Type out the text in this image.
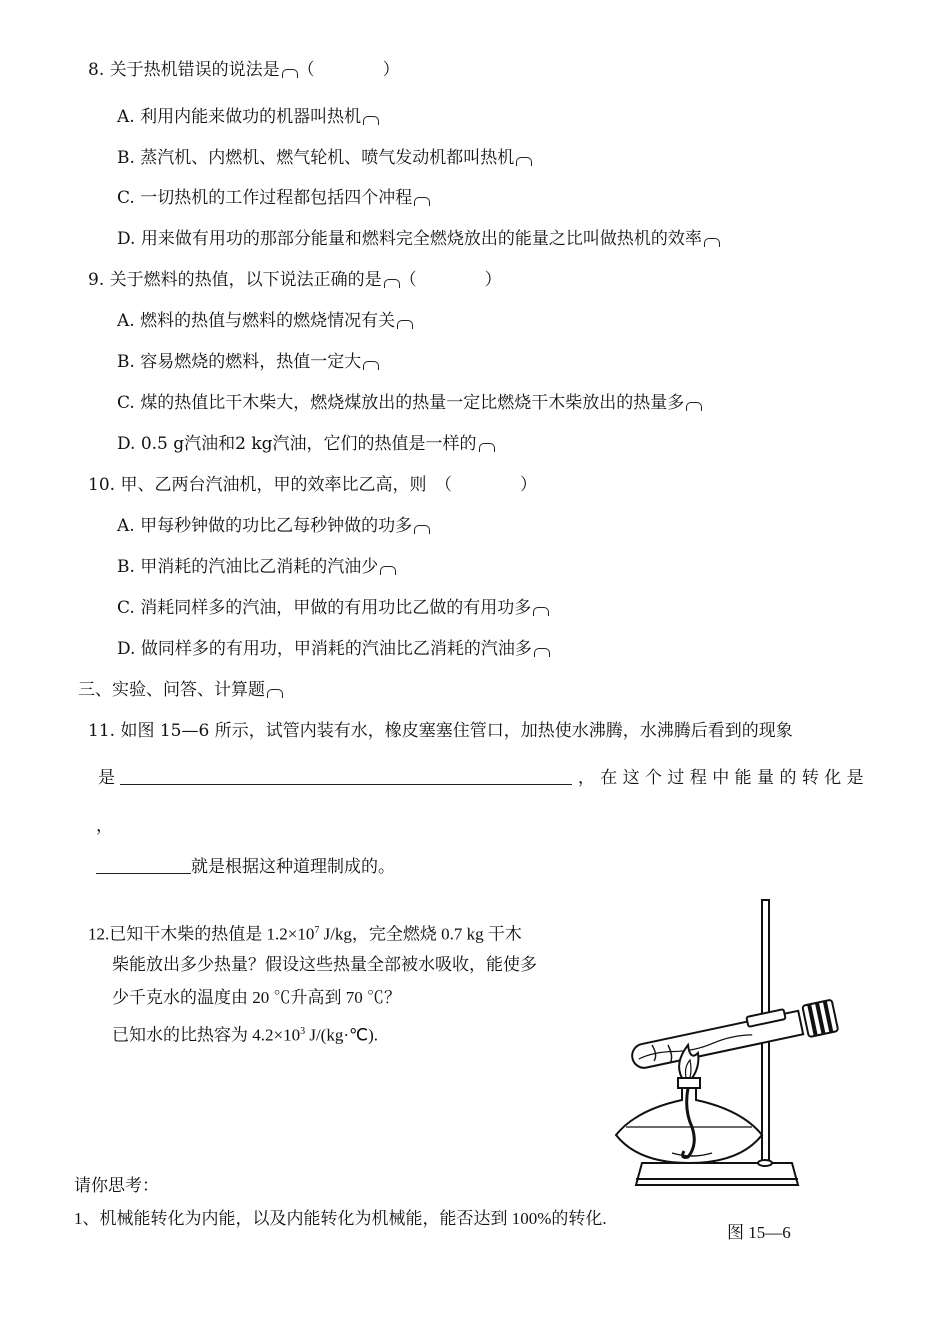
8. 关于热机错误的说法是 （　　　　）
A. 利用内能来做功的机器叫热机
B. 蒸汽机、内燃机、燃气轮机、喷气发动机都叫热机
C. 一切热机的工作过程都包括四个冲程
D. 用来做有用功的那部分能量和燃料完全燃烧放出的能量之比叫做热机的效率
9. 关于燃料的热值，以下说法正确的是 （　　　　）
A. 燃料的热值与燃料的燃烧情况有关
B. 容易燃烧的燃料，热值一定大
C. 煤的热值比干木柴大，燃烧煤放出的热量一定比燃烧干木柴放出的热量多
D. 0.5 g汽油和2 kg汽油，它们的热值是一样的
10. 甲、乙两台汽油机，甲的效率比乙高，则　（　　　　）
A. 甲每秒钟做的功比乙每秒钟做的功多
B. 甲消耗的汽油比乙消耗的汽油少
C. 消耗同样多的汽油，甲做的有用功比乙做的有用功多
D. 做同样多的有用功，甲消耗的汽油比乙消耗的汽油多
三、实验、问答、计算题
11. 如图 15—6 所示，试管内装有水，橡皮塞塞住管口，加热使水沸腾，水沸腾后看到的现象
是	， 在 这 个 过 程 中 能 量 的 转 化 是
，
就是根据这种道理制成的。
12.已知干木柴的热值是 $1.2\times 10^7$ J/kg，完全燃烧 0.7 kg 干木
柴能放出多少热量？假设这些热量全部被水吸收，能使多
少千克水的温度由 20 ℃升高到 70 ℃？
已知水的比热容为 $4.2\times 10^3$ J/(kg·℃).
请你思考：
1、机械能转化为内能，以及内能转化为机械能，能否达到 100%的转化.
图 15—6
